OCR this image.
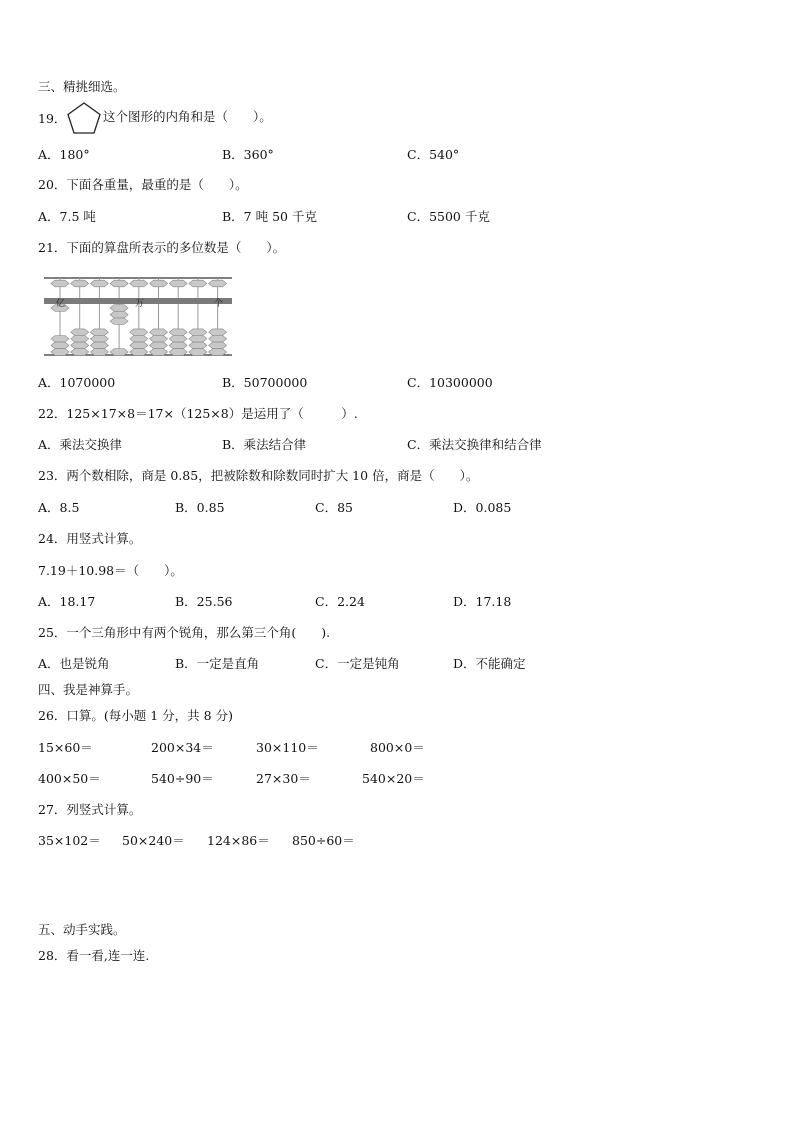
三、精挑细选。
19．	这个图形的内角和是（　　）。
A．180°	B．360°	C．540°
20．下面各重量，最重的是（　　）。
A．7.5 吨	B．7 吨 50 千克	C．5500 千克
21．下面的算盘所表示的多位数是（　　）。
亿	万	个
A．1070000	B．50700000	C．10300000
22．125×17×8＝17×（125×8）是运用了（　　　）.
A．乘法交换律	B．乘法结合律	C．乘法交换律和结合律
23．两个数相除，商是 0.85，把被除数和除数同时扩大 10 倍，商是（　　）。
A．8.5	B．0.85	C．85	D．0.085
24．用竖式计算。
7.19＋10.98＝（　　）。
A．18.17	B．25.56	C．2.24	D．17.18
25．一个三角形中有两个锐角，那么第三个角(　　).
A．也是锐角	B．一定是直角	C．一定是钝角	D．不能确定
四、我是神算手。
26．口算。(每小题 1 分，共 8 分)
15×60＝	200×34＝	30×110＝	800×0＝
400×50＝	540÷90＝	27×30＝	540×20＝
27．列竖式计算。
35×102＝ 50×240＝ 124×86＝ 850÷60＝
五、动手实践。
28．看一看,连一连.
